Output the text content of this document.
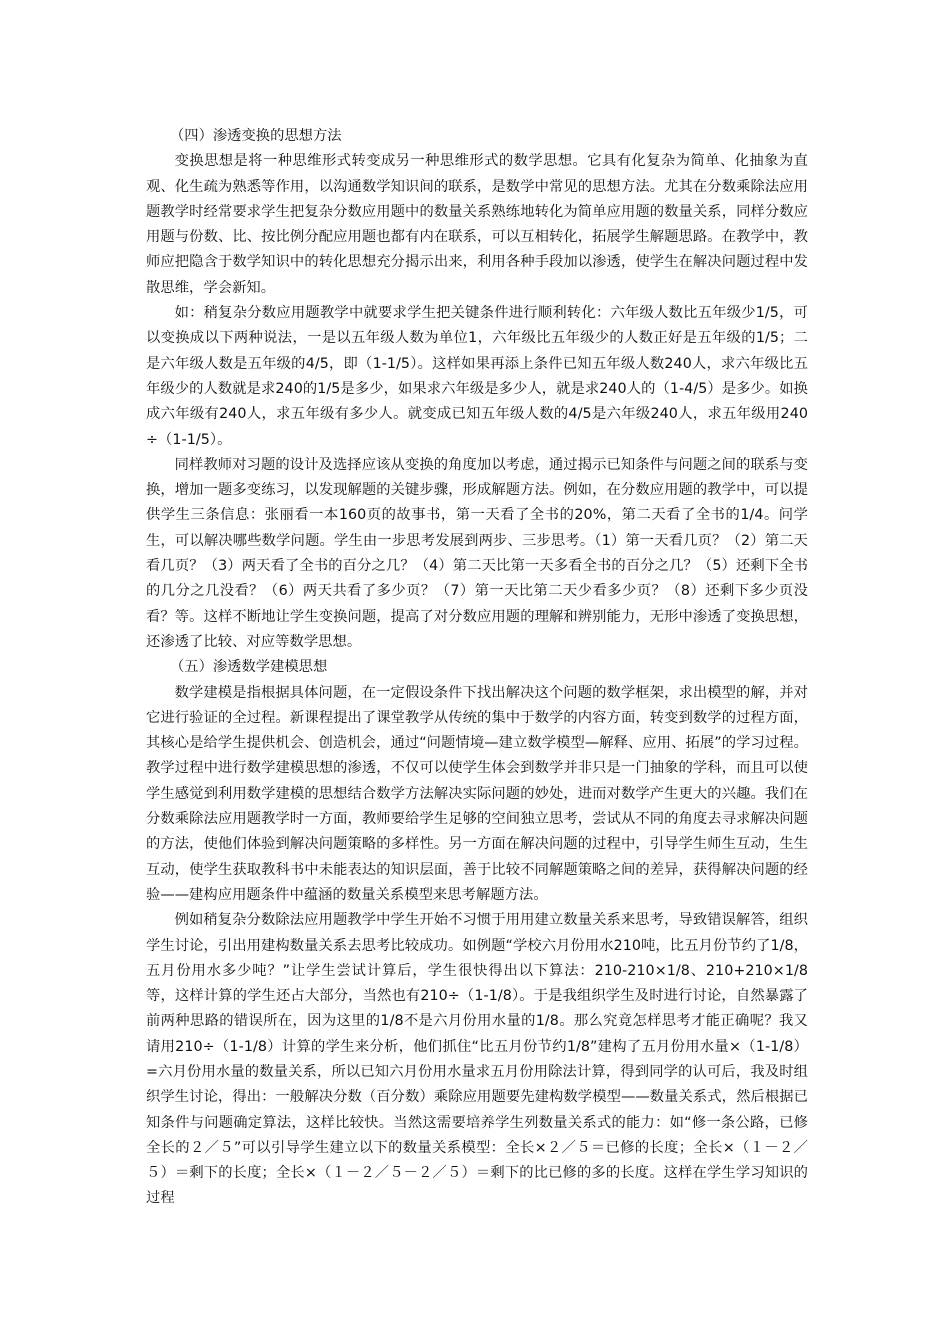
（四）渗透变换的思想方法

变换思想是将一种思维形式转变成另一种思维形式的数学思想。它具有化复杂为简单、化抽象为直观、化生疏为熟悉等作用，以沟通数学知识间的联系，是数学中常见的思想方法。尤其在分数乘除法应用题教学时经常要求学生把复杂分数应用题中的数量关系熟练地转化为简单应用题的数量关系，同样分数应用题与份数、比、按比例分配应用题也都有内在联系，可以互相转化，拓展学生解题思路。在教学中，教师应把隐含于数学知识中的转化思想充分揭示出来，利用各种手段加以渗透，使学生在解决问题过程中发散思维，学会新知。

如：稍复杂分数应用题教学中就要求学生把关键条件进行顺利转化：六年级人数比五年级少1/5，可以变换成以下两种说法，一是以五年级人数为单位1，六年级比五年级少的人数正好是五年级的1/5；二是六年级人数是五年级的4/5，即（1-1/5）。这样如果再添上条件已知五年级人数240人，求六年级比五年级少的人数就是求240的1/5是多少，如果求六年级是多少人，就是求240人的（1-4/5）是多少。如换成六年级有240人，求五年级有多少人。就变成已知五年级人数的4/5是六年级240人，求五年级用240÷（1-1/5）。

同样教师对习题的设计及选择应该从变换的角度加以考虑，通过揭示已知条件与问题之间的联系与变换，增加一题多变练习，以发现解题的关键步骤，形成解题方法。例如，在分数应用题的教学中，可以提供学生三条信息：张丽看一本160页的故事书，第一天看了全书的20%，第二天看了全书的1/4。问学生，可以解决哪些数学问题。学生由一步思考发展到两步、三步思考。（1）第一天看几页？（2）第二天看几页？（3）两天看了全书的百分之几？（4）第二天比第一天多看全书的百分之几？（5）还剩下全书的几分之几没看？（6）两天共看了多少页？（7）第一天比第二天少看多少页？（8）还剩下多少页没看？等。这样不断地让学生变换问题，提高了对分数应用题的理解和辨别能力，无形中渗透了变换思想，还渗透了比较、对应等数学思想。

（五）渗透数学建模思想

数学建模是指根据具体问题，在一定假设条件下找出解决这个问题的数学框架，求出模型的解，并对它进行验证的全过程。新课程提出了课堂教学从传统的集中于数学的内容方面，转变到数学的过程方面，其核心是给学生提供机会、创造机会，通过“问题情境—建立数学模型—解释、应用、拓展”的学习过程。教学过程中进行数学建模思想的渗透，不仅可以使学生体会到数学并非只是一门抽象的学科，而且可以使学生感觉到利用数学建模的思想结合数学方法解决实际问题的妙处，进而对数学产生更大的兴趣。我们在分数乘除法应用题教学时一方面，教师要给学生足够的空间独立思考，尝试从不同的角度去寻求解决问题的方法，使他们体验到解决问题策略的多样性。另一方面在解决问题的过程中，引导学生师生互动，生生互动，使学生获取教科书中未能表达的知识层面，善于比较不同解题策略之间的差异，获得解决问题的经验——建构应用题条件中蕴涵的数量关系模型来思考解题方法。

例如稍复杂分数除法应用题教学中学生开始不习惯于用用建立数量关系来思考，导致错误解答，组织学生讨论，引出用建构数量关系去思考比较成功。如例题“学校六月份用水210吨，比五月份节约了1/8，五月份用水多少吨？”让学生尝试计算后，学生很快得出以下算法：210-210×1/8、210+210×1/8等，这样计算的学生还占大部分，当然也有210÷（1-1/8）。于是我组织学生及时进行讨论，自然暴露了前两种思路的错误所在，因为这里的1/8不是六月份用水量的1/8。那么究竟怎样思考才能正确呢？我又请用210÷（1-1/8）计算的学生来分析，他们抓住“比五月份节约1/8”建构了五月份用水量×（1-1/8）=六月份用水量的数量关系，所以已知六月份用水量求五月份用除法计算，得到同学的认可后，我及时组织学生讨论，得出：一般解决分数（百分数）乘除应用题要先建构数学模型——数量关系式，然后根据已知条件与问题确定算法，这样比较快。当然这需要培养学生列数量关系式的能力：如“修一条公路，已修全长的２／５”可以引导学生建立以下的数量关系模型：全长×２／５＝已修的长度；全长×（１－２／５）＝剩下的长度；全长×（１－２／５－２／５）＝剩下的比已修的多的长度。这样在学生学习知识的过程
